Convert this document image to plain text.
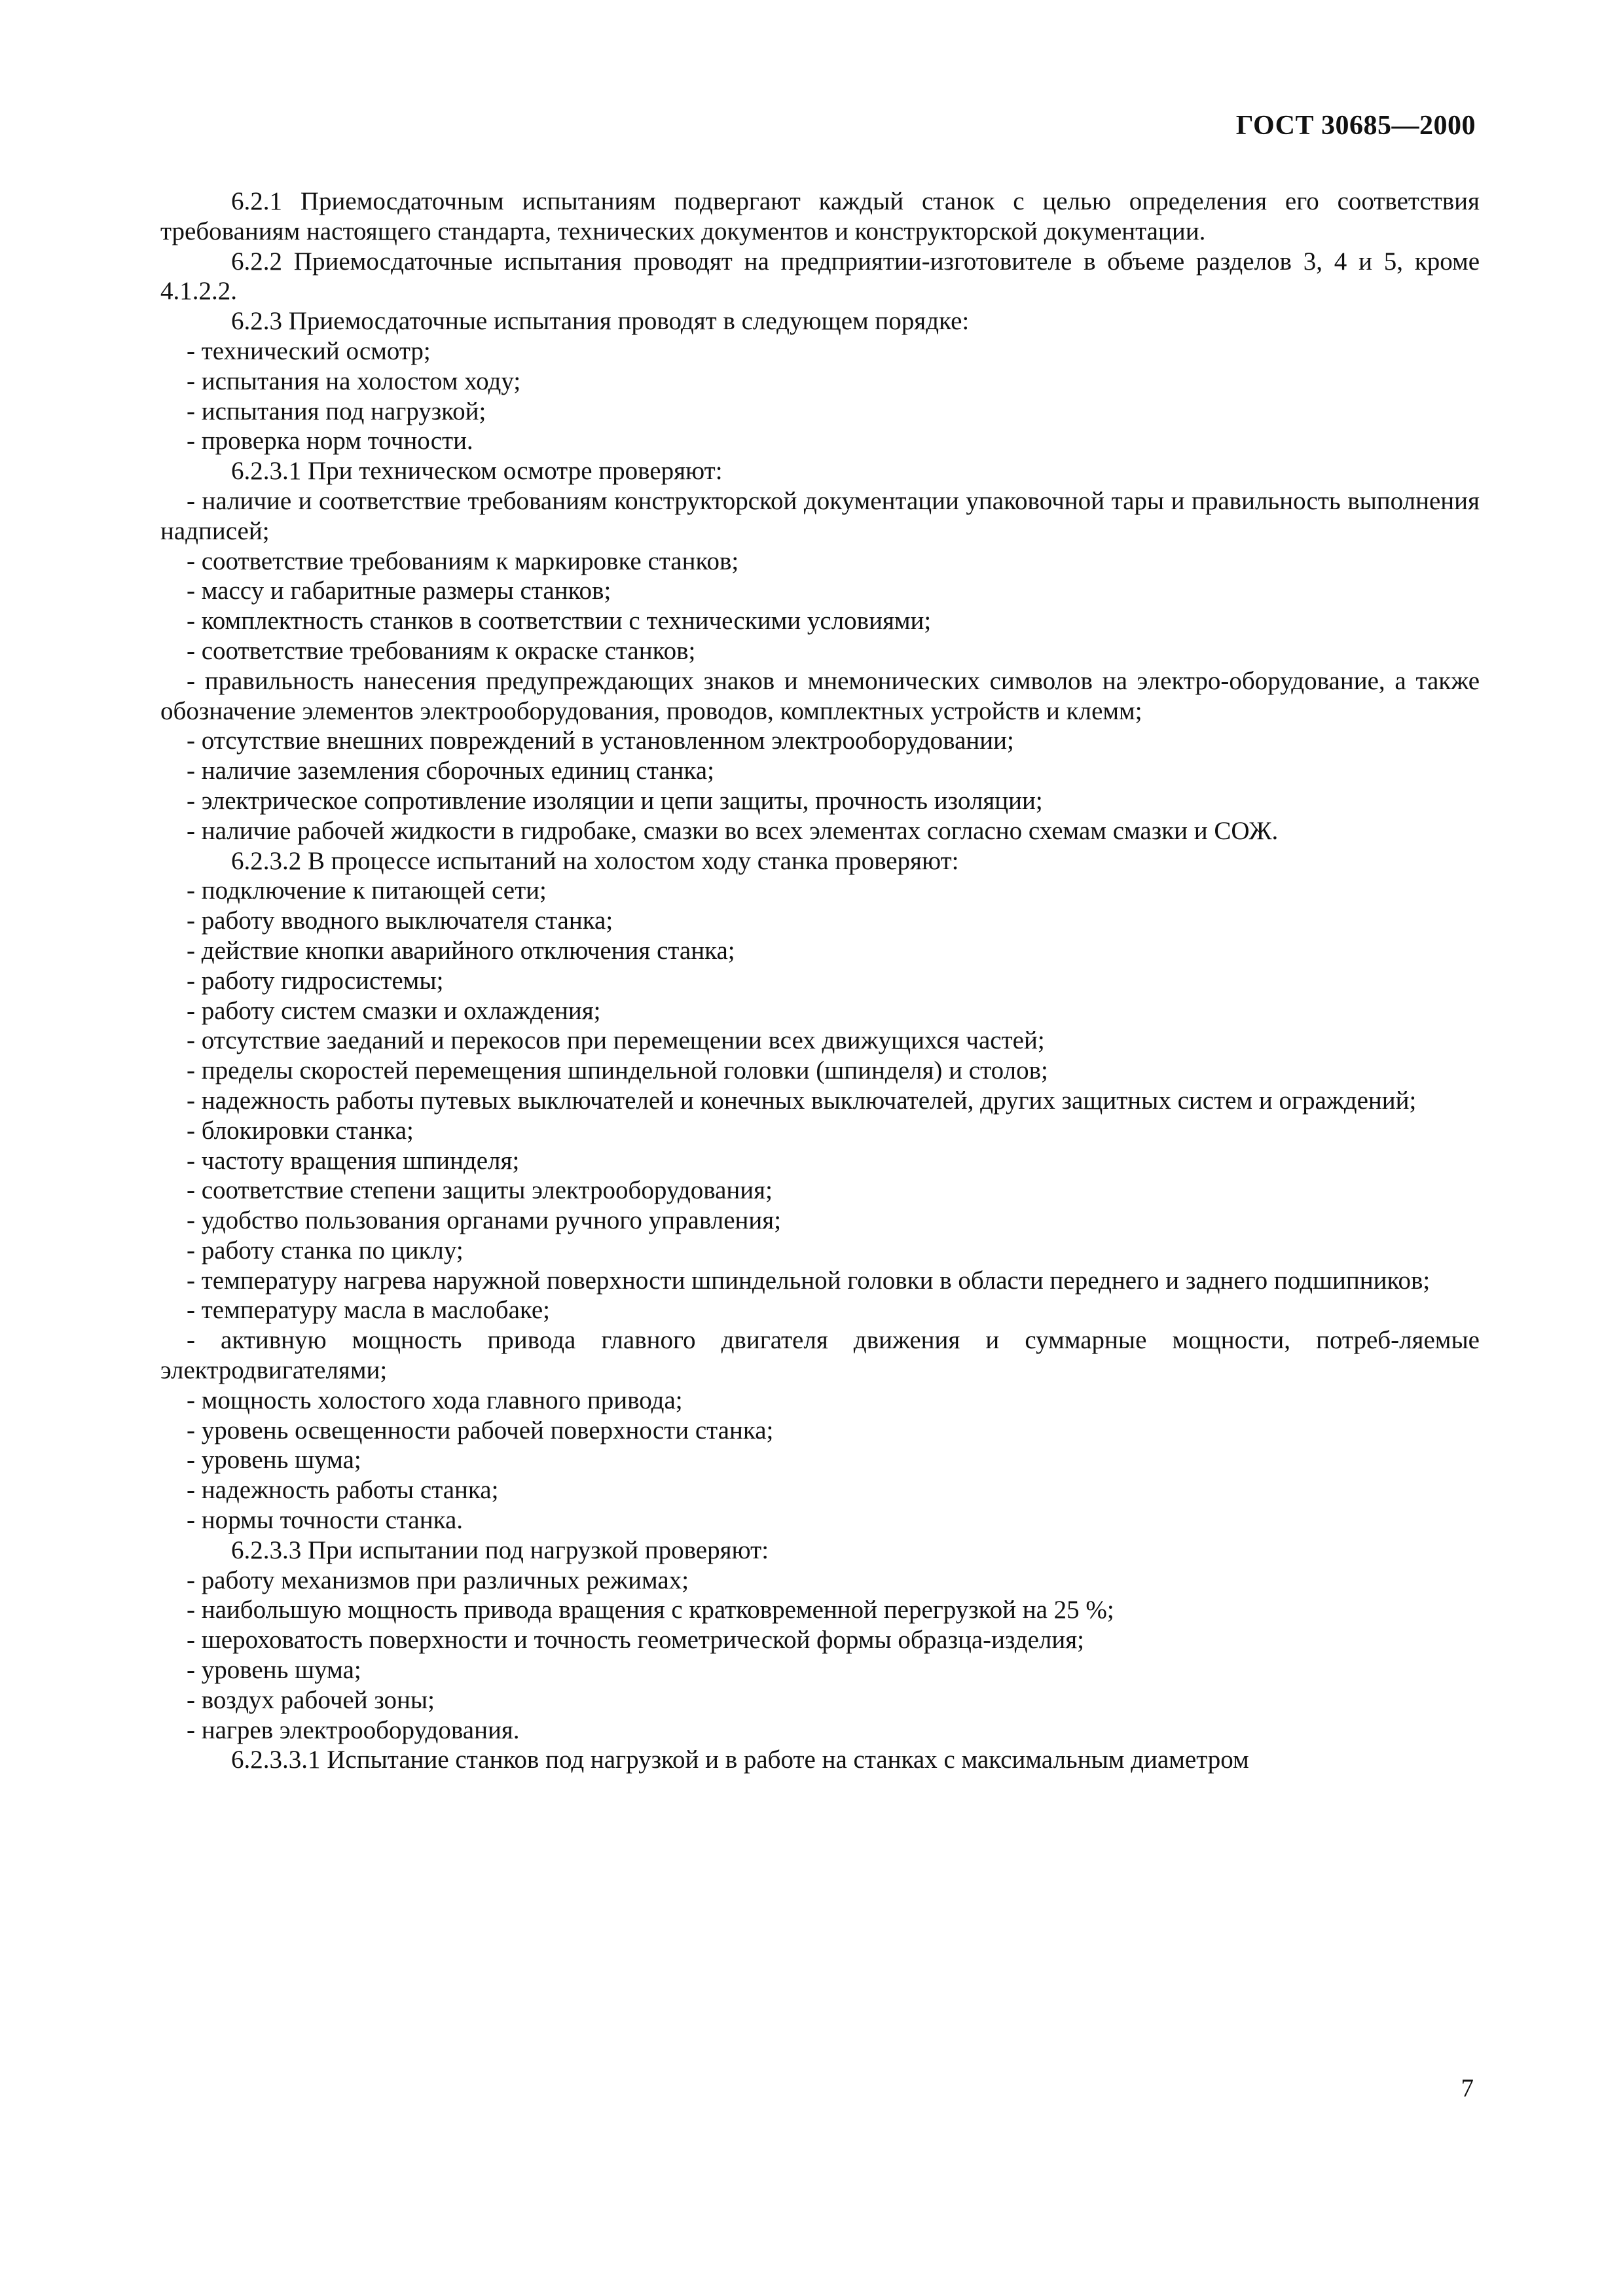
ГОСТ 30685—2000

6.2.1 Приемосдаточным испытаниям подвергают каждый станок с целью определения его соответствия требованиям настоящего стандарта, технических документов и конструкторской документации.

6.2.2 Приемосдаточные испытания проводят на предприятии-изготовителе в объеме разделов 3, 4 и 5, кроме 4.1.2.2.

6.2.3 Приемосдаточные испытания проводят в следующем порядке:

- технический осмотр;

- испытания на холостом ходу;

- испытания под нагрузкой;

- проверка норм точности.

6.2.3.1 При техническом осмотре проверяют:

- наличие и соответствие требованиям конструкторской документации упаковочной тары и правильность выполнения надписей;

- соответствие требованиям к маркировке станков;

- массу и габаритные размеры станков;

- комплектность станков в соответствии с техническими условиями;

- соответствие требованиям к окраске станков;

- правильность нанесения предупреждающих знаков и мнемонических символов на электро-оборудование, а также обозначение элементов электрооборудования, проводов, комплектных устройств и клемм;

- отсутствие внешних повреждений в установленном электрооборудовании;

- наличие заземления сборочных единиц станка;

- электрическое сопротивление изоляции и цепи защиты, прочность изоляции;

- наличие рабочей жидкости в гидробаке, смазки во всех элементах согласно схемам смазки и СОЖ.

6.2.3.2 В процессе испытаний на холостом ходу станка проверяют:

- подключение к питающей сети;

- работу вводного выключателя станка;

- действие кнопки аварийного отключения станка;

- работу гидросистемы;

- работу систем смазки и охлаждения;

- отсутствие заеданий и перекосов при перемещении всех движущихся частей;

- пределы скоростей перемещения шпиндельной головки (шпинделя) и столов;

- надежность работы путевых выключателей и конечных выключателей, других защитных систем и ограждений;

- блокировки станка;

- частоту вращения шпинделя;

- соответствие степени защиты электрооборудования;

- удобство пользования органами ручного управления;

- работу станка по циклу;

- температуру нагрева наружной поверхности шпиндельной головки в области переднего и заднего подшипников;

- температуру масла в маслобаке;

- активную мощность привода главного двигателя движения и суммарные мощности, потреб-ляемые электродвигателями;

- мощность холостого хода главного привода;

- уровень освещенности рабочей поверхности станка;

- уровень шума;

- надежность работы станка;

- нормы точности станка.

6.2.3.3 При испытании под нагрузкой проверяют:

- работу механизмов при различных режимах;

- наибольшую мощность привода вращения с кратковременной перегрузкой на 25 %;

- шероховатость поверхности и точность геометрической формы образца-изделия;

- уровень шума;

- воздух рабочей зоны;

- нагрев электрооборудования.

6.2.3.3.1 Испытание станков под нагрузкой и в работе на станках с максимальным диаметром

7
